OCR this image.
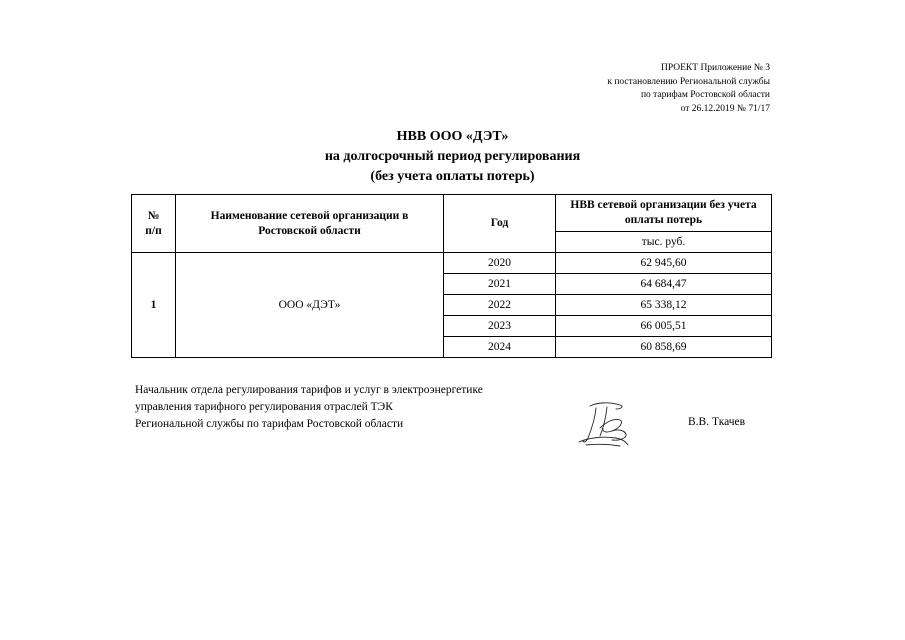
ПРОЕКТ Приложение № 3
к постановлению Региональной службы
по тарифам Ростовской области
от 26.12.2019 № 71/17
НВВ ООО «ДЭТ»
на долгосрочный период регулирования
(без учета оплаты потерь)
№ п/п	Наименование сетевой организации в Ростовской области	Год	НВВ сетевой организации без учета оплаты потерь
			тыс. руб.
1	ООО «ДЭТ»	2020	62 945,60
		2021	64 684,47
		2022	65 338,12
		2023	66 005,51
		2024	60 858,69
Начальник отдела регулирования тарифов и услуг в электроэнергетике
управления тарифного регулирования отраслей ТЭК
Региональной службы по тарифам Ростовской области	В.В. Ткачев
